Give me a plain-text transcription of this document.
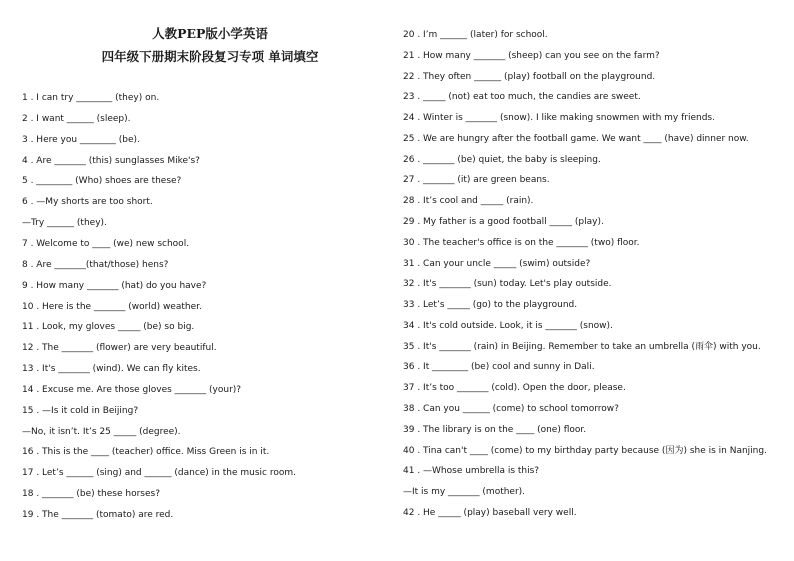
人教PEP版小学英语
四年级下册期末阶段复习专项 单词填空
1 . I can try ________ (they) on.
2 . I want ______ (sleep).
3 . Here you ________ (be).
4 . Are _______ (this) sunglasses Mike's?
5 . ________ (Who) shoes are these?
6 . —My shorts are too short.
—Try ______ (they).
7 . Welcome to ____ (we) new school.
8 . Are _______(that/those) hens?
9 . How many _______ (hat) do you have?
10 . Here is the _______ (world) weather.
11 . Look, my gloves _____ (be) so big.
12 . The _______ (flower) are very beautiful.
13 . It's _______ (wind). We can fly kites.
14 . Excuse me. Are those gloves _______ (your)?
15 . —Is it cold in Beijing?
—No, it isn’t. It’s 25 _____ (degree).
16 . This is the ____ (teacher) office. Miss Green is in it.
17 . Let’s ______ (sing) and ______ (dance) in the music room.
18 . _______ (be) these horses?
19 . The _______ (tomato) are red.
20 . I’m ______ (later) for school.
21 . How many _______ (sheep) can you see on the farm?
22 . They often ______ (play) football on the playground.
23 . _____ (not) eat too much, the candies are sweet.
24 . Winter is _______ (snow). I like making snowmen with my friends.
25 . We are hungry after the football game. We want ____ (have) dinner now.
26 . _______ (be) quiet, the baby is sleeping.
27 . _______ (it) are green beans.
28 . It’s cool and _____ (rain).
29 . My father is a good football _____ (play).
30 . The teacher's office is on the _______ (two) floor.
31 . Can your uncle _____ (swim) outside?
32 . It's _______ (sun) today. Let's play outside.
33 . Let’s _____ (go) to the playground.
34 . It's cold outside. Look, it is _______ (snow).
35 . It's _______ (rain) in Beijing. Remember to take an umbrella (雨伞) with you.
36 . It ________ (be) cool and sunny in Dali.
37 . It’s too _______ (cold). Open the door, please.
38 . Can you ______ (come) to school tomorrow?
39 . The library is on the ____ (one) floor.
40 . Tina can't ____ (come) to my birthday party because (因为) she is in Nanjing.
41 . —Whose umbrella is this?
—It is my _______ (mother).
42 . He _____ (play) baseball very well.
